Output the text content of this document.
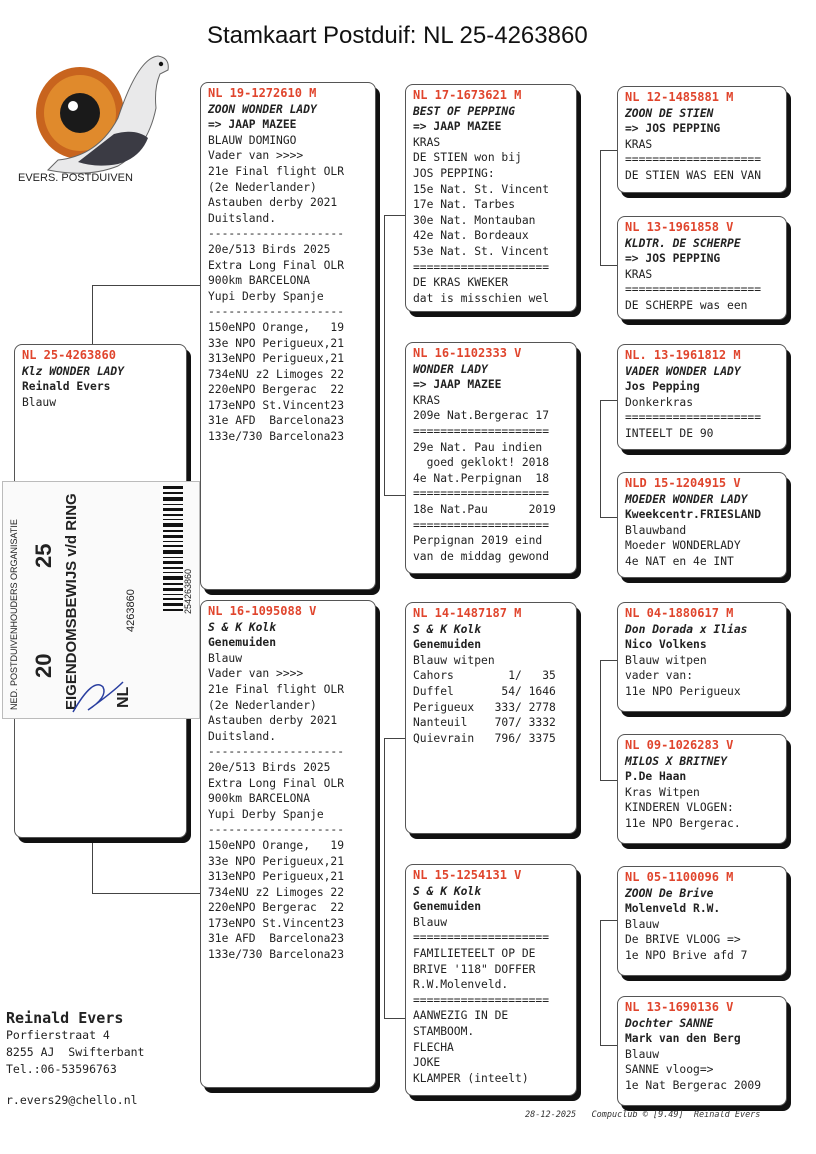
Stamkaart Postduif: NL 25-4263860
EVERS. POSTDUIVEN
NL 25-4263860
Klz WONDER LADY
Reinald Evers
Blauw
NL 19-1272610 M
ZOON WONDER LADY
=> JAAP MAZEE
BLAUW DOMINGO
Vader van >>>>
21e Final flight OLR
(2e Nederlander)
Astauben derby 2021
Duitsland.
--------------------
20e/513 Birds 2025
Extra Long Final OLR
900km BARCELONA
Yupi Derby Spanje
--------------------
150eNPO Orange,   19
33e NPO Perigueux,21
313eNPO Perigueux,21
734eNU z2 Limoges 22
220eNPO Bergerac  22
173eNPO St.Vincent23
31e AFD  Barcelona23
133e/730 Barcelona23
NL 16-1095088 V
S & K Kolk
Genemuiden
Blauw
Vader van >>>>
21e Final flight OLR
(2e Nederlander)
Astauben derby 2021
Duitsland.
--------------------
20e/513 Birds 2025
Extra Long Final OLR
900km BARCELONA
Yupi Derby Spanje
--------------------
150eNPO Orange,   19
33e NPO Perigueux,21
313eNPO Perigueux,21
734eNU z2 Limoges 22
220eNPO Bergerac  22
173eNPO St.Vincent23
31e AFD  Barcelona23
133e/730 Barcelona23
NL 17-1673621 M
BEST OF PEPPING
=> JAAP MAZEE
KRAS
DE STIEN won bij
JOS PEPPING:
15e Nat. St. Vincent
17e Nat. Tarbes
30e Nat. Montauban
42e Nat. Bordeaux
53e Nat. St. Vincent
====================
DE KRAS KWEKER
dat is misschien wel
NL 16-1102333 V
WONDER LADY
=> JAAP MAZEE
KRAS
209e Nat.Bergerac 17
====================
29e Nat. Pau indien
goed geklokt! 2018
4e Nat.Perpignan  18
====================
18e Nat.Pau      2019
====================
Perpignan 2019 eind
van de middag gewond
NL 14-1487187 M
S & K Kolk
Genemuiden
Blauw witpen
Cahors        1/   35
Duffel       54/ 1646
Perigueux   333/ 2778
Nanteuil    707/ 3332
Quievrain   796/ 3375
NL 15-1254131 V
S & K Kolk
Genemuiden
Blauw
====================
FAMILIETEELT OP DE
BRIVE '118" DOFFER
R.W.Molenveld.
====================
AANWEZIG IN DE
STAMBOOM.
FLECHA
JOKE
KLAMPER (inteelt)
NL 12-1485881 M
ZOON DE STIEN
=> JOS PEPPING
KRAS
====================
DE STIEN WAS EEN VAN
NL 13-1961858 V
KLDTR. DE SCHERPE
=> JOS PEPPING
KRAS
====================
DE SCHERPE was een
NL. 13-1961812 M
VADER WONDER LADY
Jos Pepping
Donkerkras
====================
INTEELT DE 90
NLD 15-1204915 V
MOEDER WONDER LADY
Kweekcentr.FRIESLAND
Blauwband
Moeder WONDERLADY
4e NAT en 4e INT
NL 04-1880617 M
Don Dorada x Ilias
Nico Volkens
Blauw witpen
vader van:
11e NPO Perigueux
NL 09-1026283 V
MILOS X BRITNEY
P.De Haan
Kras Witpen
KINDEREN VLOGEN:
11e NPO Bergerac.
NL 05-1100096 M
ZOON De Brive
Molenveld R.W.
Blauw
De BRIVE VLOOG =>
1e NPO Brive afd 7
NL 13-1690136 V
Dochter SANNE
Mark van den Berg
Blauw
SANNE vloog=>
1e Nat Bergerac 2009
NED. POSTDUIVENHOUDERS ORGANISATIE	EIGENDOMSBEWIJS v/d RING
20
25
NL
4263860	254263860
Reinald Evers
Porfierstraat 4
8255 AJ  Swifterbant
Tel.:06-53596763
r.evers29@chello.nl
28-12-2025 Compuclub © [9.49]  Reinald Evers
